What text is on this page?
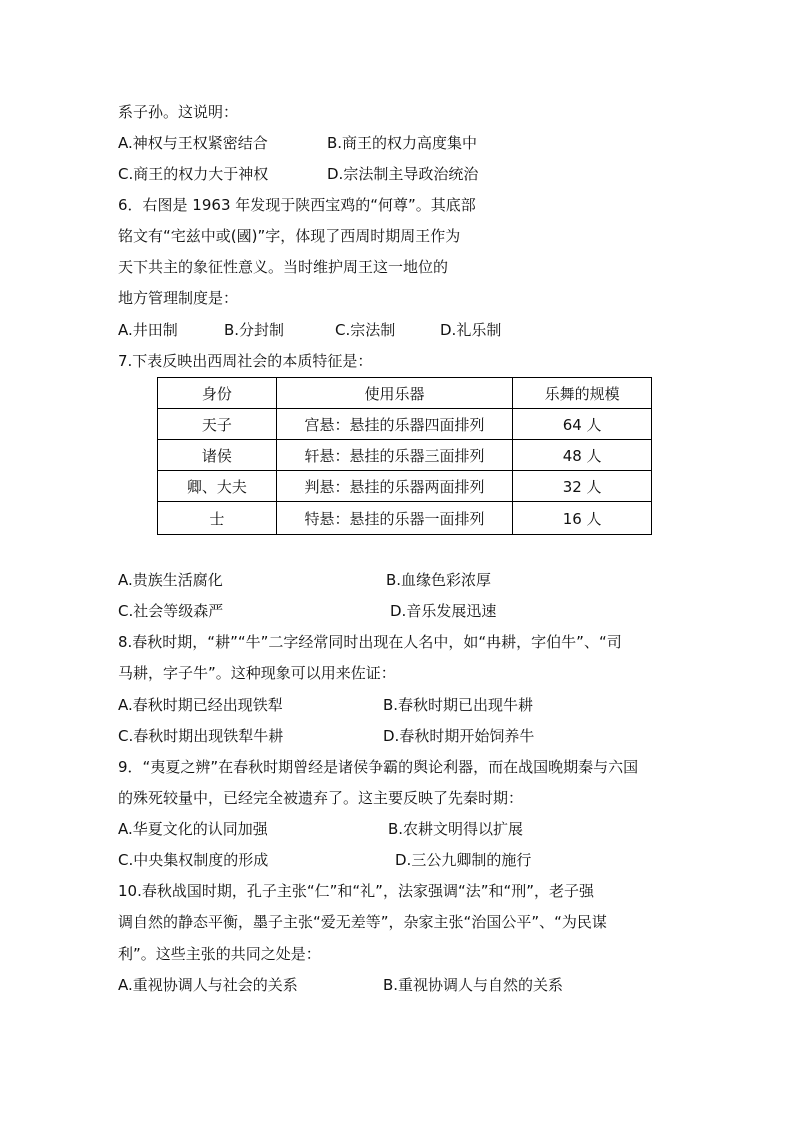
系子孙。这说明：
A.神权与王权紧密结合	B.商王的权力高度集中
C.商王的权力大于神权	D.宗法制主导政治统治
6．右图是 1963 年发现于陕西宝鸡的“何尊”。其底部
铭文有“宅兹中或(國)”字，体现了西周时期周王作为
天下共主的象征性意义。当时维护周王这一地位的
地方管理制度是：
A.井田制	B.分封制	C.宗法制	D.礼乐制
7.下表反映出西周社会的本质特征是：
身份	使用乐器	乐舞的规模
天子	宫悬：悬挂的乐器四面排列	64 人
诸侯	轩悬：悬挂的乐器三面排列	48 人
卿、大夫	判悬：悬挂的乐器两面排列	32 人
士	特悬：悬挂的乐器一面排列	16 人
A.贵族生活腐化	B.血缘色彩浓厚
C.社会等级森严	D.音乐发展迅速
8.春秋时期，“耕”“牛”二字经常同时出现在人名中，如“冉耕，字伯牛”、“司
马耕，字子牛”。这种现象可以用来佐证：
A.春秋时期已经出现铁犁	B.春秋时期已出现牛耕
C.春秋时期出现铁犁牛耕	D.春秋时期开始饲养牛
9．“夷夏之辨”在春秋时期曾经是诸侯争霸的舆论利器，而在战国晚期秦与六国
的殊死较量中，已经完全被遗弃了。这主要反映了先秦时期：
A.华夏文化的认同加强	B.农耕文明得以扩展
C.中央集权制度的形成	D.三公九卿制的施行
10.春秋战国时期，孔子主张“仁”和“礼”，法家强调“法”和“刑”，老子强
调自然的静态平衡，墨子主张“爱无差等”，杂家主张“治国公平”、“为民谋
利”。这些主张的共同之处是：
A.重视协调人与社会的关系	B.重视协调人与自然的关系
